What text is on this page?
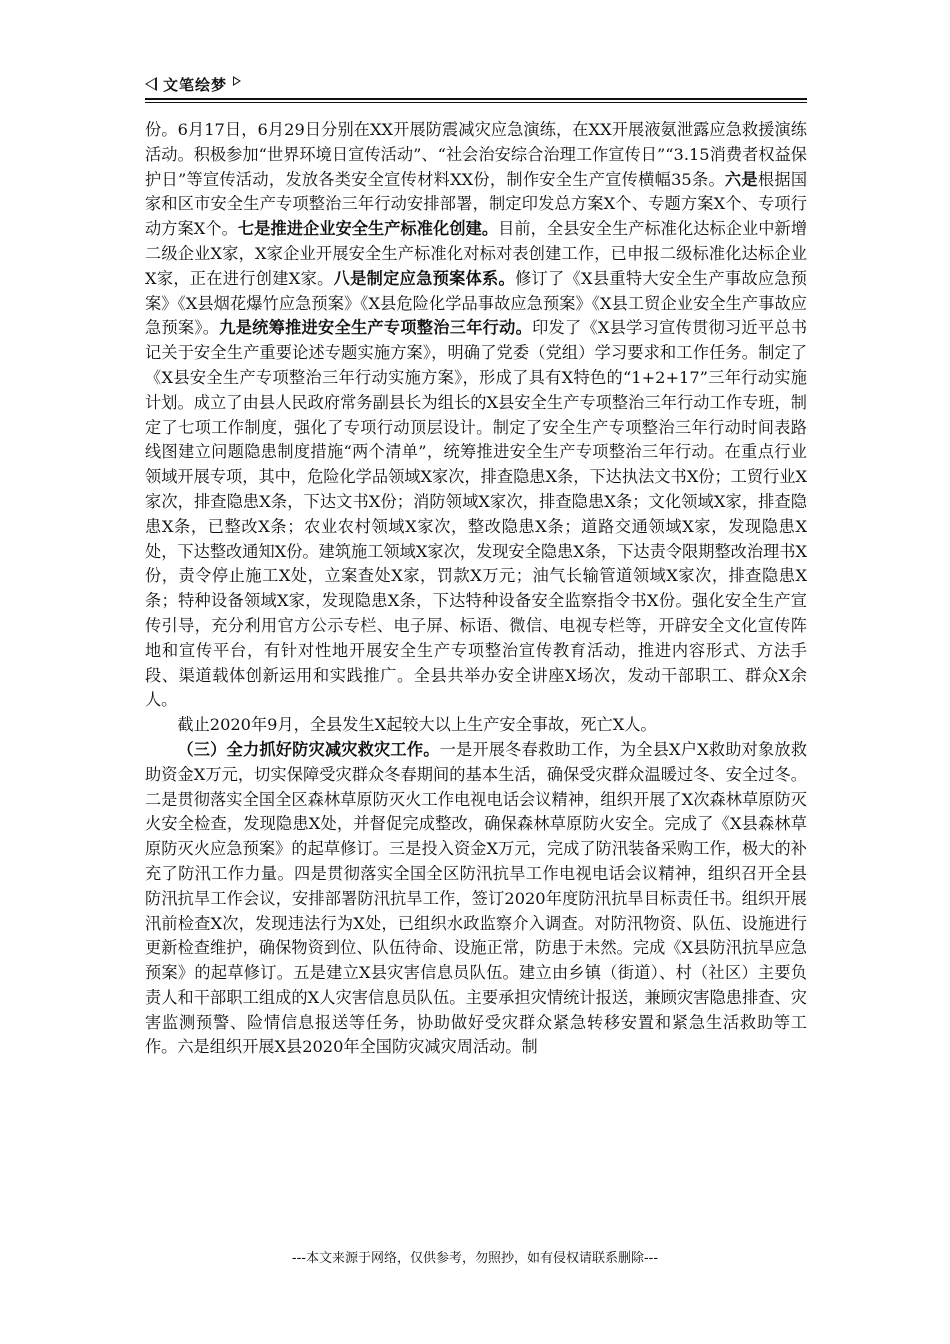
文笔绘梦

份。6月17日，6月29日分别在XX开展防震减灾应急演练，在XX开展液氨泄露应急救援演练活动。积极参加“世界环境日宣传活动”、“社会治安综合治理工作宣传日”“3.15消费者权益保护日”等宣传活动，发放各类安全宣传材料XX份，制作安全生产宣传横幅35条。六是根据国家和区市安全生产专项整治三年行动安排部署，制定印发总方案X个、专题方案X个、专项行动方案X个。七是推进企业安全生产标准化创建。目前，全县安全生产标准化达标企业中新增二级企业X家，X家企业开展安全生产标准化对标对表创建工作，已申报二级标准化达标企业X家，正在进行创建X家。八是制定应急预案体系。修订了《X县重特大安全生产事故应急预案》《X县烟花爆竹应急预案》《X县危险化学品事故应急预案》《X县工贸企业安全生产事故应急预案》。九是统筹推进安全生产专项整治三年行动。印发了《X县学习宣传贯彻习近平总书记关于安全生产重要论述专题实施方案》，明确了党委（党组）学习要求和工作任务。制定了《X县安全生产专项整治三年行动实施方案》，形成了具有X特色的“1+2+17”三年行动实施计划。成立了由县人民政府常务副县长为组长的X县安全生产专项整治三年行动工作专班，制定了七项工作制度，强化了专项行动顶层设计。制定了安全生产专项整治三年行动时间表路线图建立问题隐患制度措施“两个清单”，统筹推进安全生产专项整治三年行动。在重点行业领域开展专项，其中，危险化学品领域X家次，排查隐患X条，下达执法文书X份；工贸行业X家次，排查隐患X条，下达文书X份；消防领域X家次，排查隐患X条；文化领域X家，排查隐患X条，已整改X条；农业农村领域X家次，整改隐患X条；道路交通领域X家，发现隐患X处，下达整改通知X份。建筑施工领域X家次，发现安全隐患X条，下达责令限期整改治理书X份，责令停止施工X处，立案查处X家，罚款X万元；油气长输管道领域X家次，排查隐患X条；特种设备领域X家，发现隐患X条，下达特种设备安全监察指令书X份。强化安全生产宣传引导，充分利用官方公示专栏、电子屏、标语、微信、电视专栏等，开辟安全文化宣传阵地和宣传平台，有针对性地开展安全生产专项整治宣传教育活动，推进内容形式、方法手段、渠道载体创新运用和实践推广。全县共举办安全讲座X场次，发动干部职工、群众X余人。

截止2020年9月，全县发生X起较大以上生产安全事故，死亡X人。

（三）全力抓好防灾减灾救灾工作。一是开展冬春救助工作，为全县X户X救助对象放救助资金X万元，切实保障受灾群众冬春期间的基本生活，确保受灾群众温暖过冬、安全过冬。二是贯彻落实全国全区森林草原防灭火工作电视电话会议精神，组织开展了X次森林草原防灭火安全检查，发现隐患X处，并督促完成整改，确保森林草原防火安全。完成了《X县森林草原防灭火应急预案》的起草修订。三是投入资金X万元，完成了防汛装备采购工作，极大的补充了防汛工作力量。四是贯彻落实全国全区防汛抗旱工作电视电话会议精神，组织召开全县防汛抗旱工作会议，安排部署防汛抗旱工作，签订2020年度防汛抗旱目标责任书。组织开展汛前检查X次，发现违法行为X处，已组织水政监察介入调查。对防汛物资、队伍、设施进行更新检查维护，确保物资到位、队伍待命、设施正常，防患于未然。完成《X县防汛抗旱应急预案》的起草修订。五是建立X县灾害信息员队伍。建立由乡镇（街道）、村（社区）主要负责人和干部职工组成的X人灾害信息员队伍。主要承担灾情统计报送，兼顾灾害隐患排查、灾害监测预警、险情信息报送等任务，协助做好受灾群众紧急转移安置和紧急生活救助等工作。六是组织开展X县2020年全国防灾减灾周活动。制

---本文来源于网络，仅供参考，勿照抄，如有侵权请联系删除---
